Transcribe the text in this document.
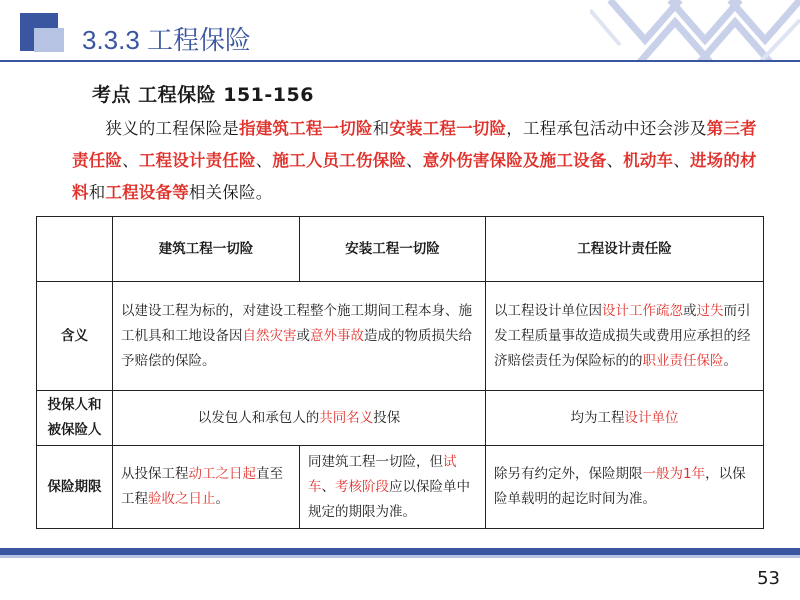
3.3.3 工程保险
考点 工程保险 151-156
　　狭义的工程保险是指建筑工程一切险和安装工程一切险，工程承包活动中还会涉及第三者责任险、工程设计责任险、施工人员工伤保险、意外伤害保险及施工设备、机动车、进场的材料和工程设备等相关保险。
	建筑工程一切险	安装工程一切险	工程设计责任险
含义	以建设工程为标的，对建设工程整个施工期间工程本身、施工机具和工地设备因自然灾害或意外事故造成的物质损失给予赔偿的保险。		以工程设计单位因设计工作疏忽或过失而引发工程质量事故造成损失或费用应承担的经济赔偿责任为保险标的的职业责任保险。
投保人和被保险人	以发包人和承包人的共同名义投保		均为工程设计单位
保险期限	从投保工程动工之日起直至工程验收之日止。	同建筑工程一切险，但试车、考核阶段应以保险单中规定的期限为准。	除另有约定外，保险期限一般为1年，以保险单载明的起讫时间为准。
53
